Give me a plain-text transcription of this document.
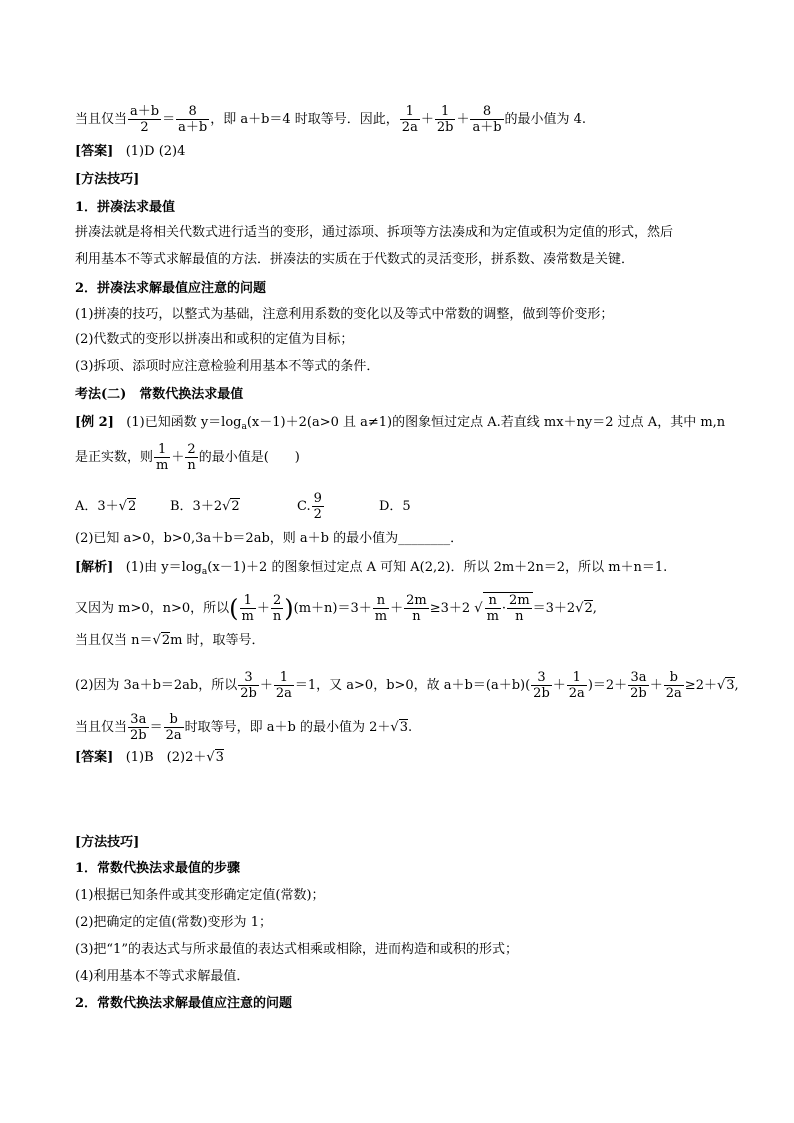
当且仅当 $\frac{a+b}{2} = \frac{8}{a+b}$ ，即 a＋b＝4 时取等号．因此， $\frac{1}{2a} + \frac{1}{2b} + \frac{8}{a+b}$ 的最小值为 4.
[答案] (1)D (2)4
[方法技巧]
1．拼凑法求最值
拼凑法就是将相关代数式进行适当的变形，通过添项、拆项等方法凑成和为定值或积为定值的形式，然后
利用基本不等式求解最值的方法．拼凑法的实质在于代数式的灵活变形，拼系数、凑常数是关键．
2．拼凑法求解最值应注意的问题
(1)拼凑的技巧，以整式为基础，注意利用系数的变化以及等式中常数的调整，做到等价变形；
(2)代数式的变形以拼凑出和或积的定值为目标；
(3)拆项、添项时应注意检验利用基本不等式的条件．
考法(二)　常数代换法求最值
[例 2] (1)已知函数 $y=\log_a(x-1)+2(a>0$ 且 a≠1)的图象恒过定点 A.若直线 mx＋ny＝2 过点 A，其中 m,n
是正实数，则 $\frac{1}{m} + \frac{2}{n}$ 的最小值是(　　)
A．3＋√2	B．3＋2√2	C. $\frac{9}{2}$	D．5
(2)已知 a>0，b>0,3a＋b＝2ab，则 a＋b 的最小值为________．
[解析] (1)由 $y=\log_a(x-1)+2$ 的图象恒过定点 A 可知 A(2,2)．所以 2m＋2n＝2，所以 m＋n＝1.
又因为 m>0，n>0，所以( $\frac{1}{m} + \frac{2}{n} )(m+n)=3+ \frac{n}{m} + \frac{2m}{n} \ge 3+2$ √ $\frac{n}{m} \cdot \frac{2m}{n} =3+2√2$,
当且仅当 n＝√2m 时，取等号．
(2)因为 3a＋b＝2ab，所以 $\frac{3}{2b} + \frac{1}{2a} =1$，又 a>0，b>0，故 $a+b=(a+b)( \frac{3}{2b} + \frac{1}{2a} )=2+ \frac{3a}{2b} + \frac{b}{2a} \ge 2+√3$,
当且仅当 $\frac{3a}{2b} = \frac{b}{2a}$ 时取等号，即 a＋b 的最小值为 2＋√3.
[答案] (1)B　(2)2＋√3
[方法技巧]
1．常数代换法求最值的步骤
(1)根据已知条件或其变形确定定值(常数)；
(2)把确定的定值(常数)变形为 1；
(3)把“1”的表达式与所求最值的表达式相乘或相除，进而构造和或积的形式；
(4)利用基本不等式求解最值．
2．常数代换法求解最值应注意的问题
